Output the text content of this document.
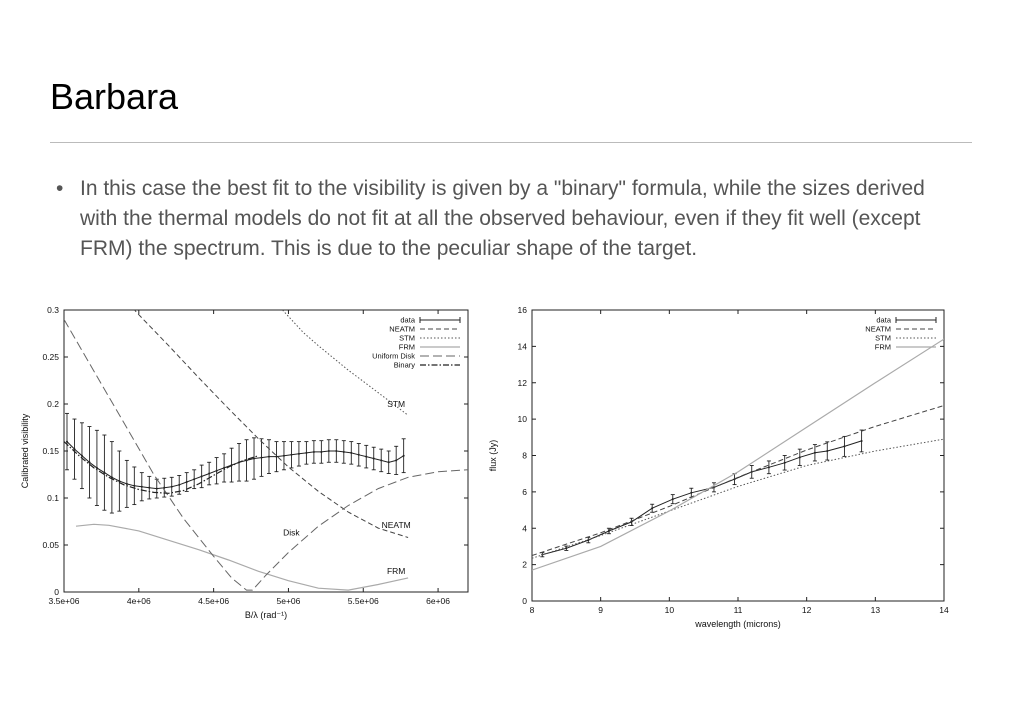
Barbara
• In this case the best fit to the visibility is given by a "binary" formula, while the sizes derived with the thermal models do not fit at all the observed behaviour, even if they fit well (except FRM) the spectrum. This is due to the peculiar shape of the target.
3.5e+06	4e+06	4.5e+06	5e+06	5.5e+06	6e+06
0
0.05
0.1
0.15
0.2
0.25
0.3
B/λ (rad⁻¹)
Calibrated visibility
data
NEATM
STM
FRM
Uniform Disk
Binary
STM
NEATM
Disk
FRM
8	9	10	11	12	13	14
0
2
4
6
8
10
12
14
16
wavelength (microns)
flux (Jy)
data
NEATM
STM
FRM
